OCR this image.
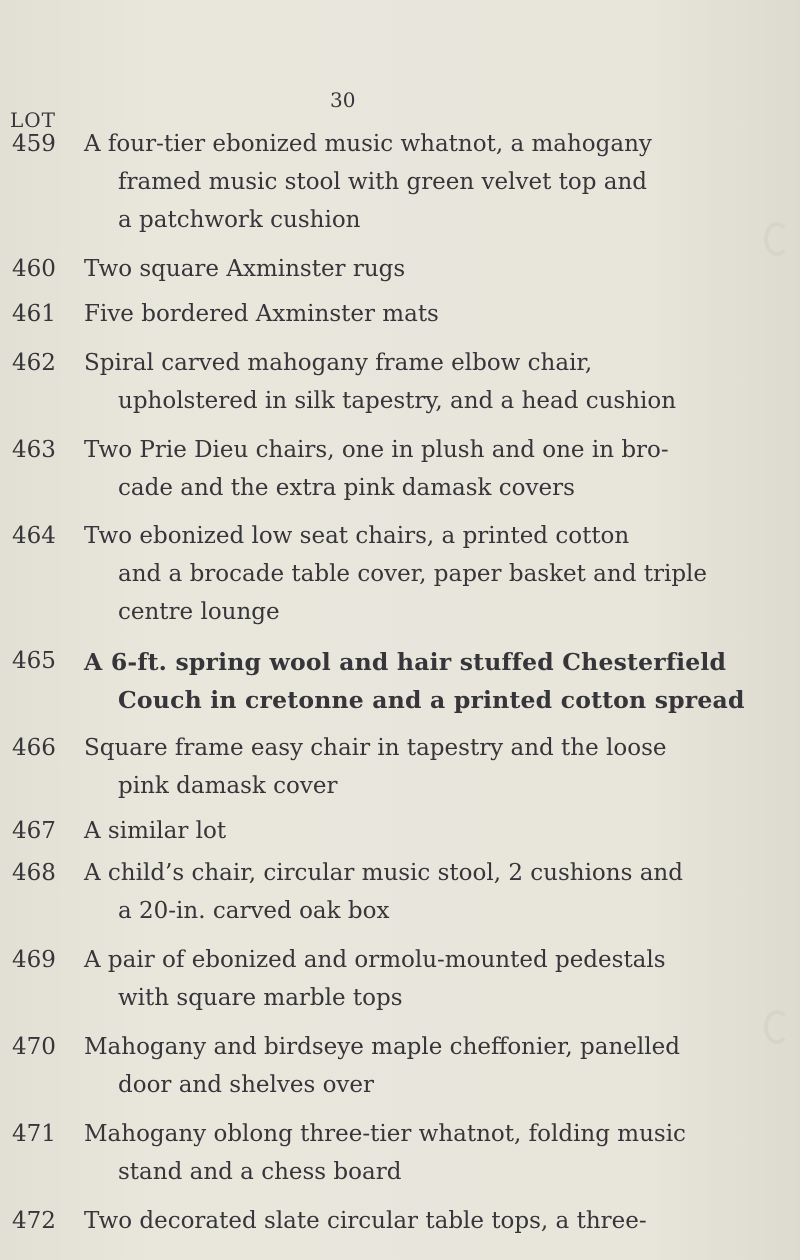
30
LOT
459	A four-tier ebonized music whatnot, a mahogany
framed music stool with green velvet top and
a patchwork cushion
460	Two square Axminster rugs
461	Five bordered Axminster mats
462	Spiral carved mahogany frame elbow chair,
upholstered in silk tapestry, and a head cushion
463	Two Prie Dieu chairs, one in plush and one in bro-
cade and the extra pink damask covers
464	Two ebonized low seat chairs, a printed cotton
and a brocade table cover, paper basket and triple
centre lounge
465	A 6-ft. spring wool and hair stuffed Chesterfield
Couch in cretonne and a printed cotton spread
466	Square frame easy chair in tapestry and the loose
pink damask cover
467	A similar lot
468	A child’s chair, circular music stool, 2 cushions and
a 20-in. carved oak box
469	A pair of ebonized and ormolu-mounted pedestals
with square marble tops
470	Mahogany and birdseye maple cheffonier, panelled
door and shelves over
471	Mahogany oblong three-tier whatnot, folding music
stand and a chess board
472	Two decorated slate circular table tops, a three-
